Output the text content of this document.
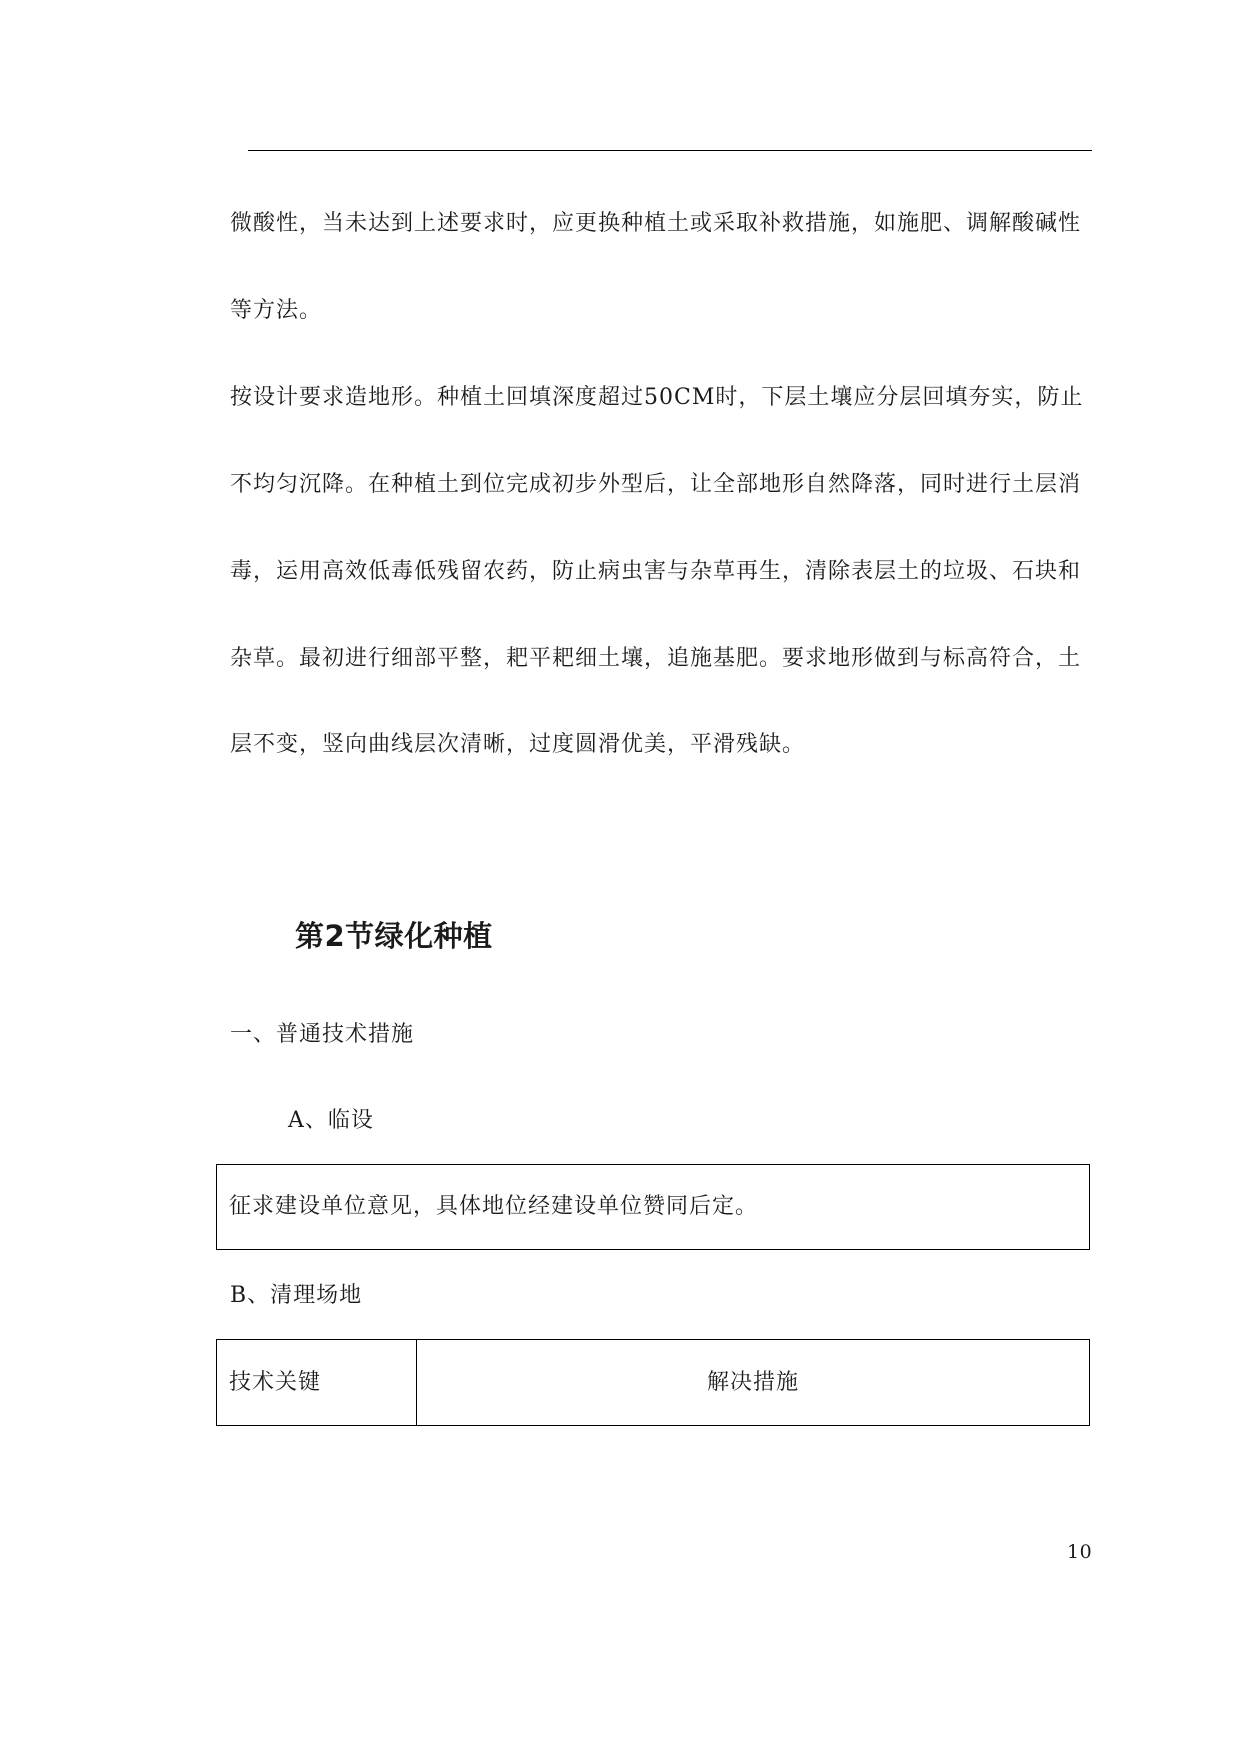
微酸性，当未达到上述要求时，应更换种植土或采取补救措施，如施肥、调解酸碱性
等方法。
按设计要求造地形。种植土回填深度超过50CM时，下层土壤应分层回填夯实，防止
不均匀沉降。在种植土到位完成初步外型后，让全部地形自然降落，同时进行土层消
毒，运用高效低毒低残留农药，防止病虫害与杂草再生，清除表层土的垃圾、石块和
杂草。最初进行细部平整，耙平耙细土壤，追施基肥。要求地形做到与标高符合，土
层不变，竖向曲线层次清晰，过度圆滑优美，平滑残缺。
第2节绿化种植
一、普通技术措施
A、临设
征求建设单位意见，具体地位经建设单位赞同后定。
B、清理场地
技术关键	解决措施
10
